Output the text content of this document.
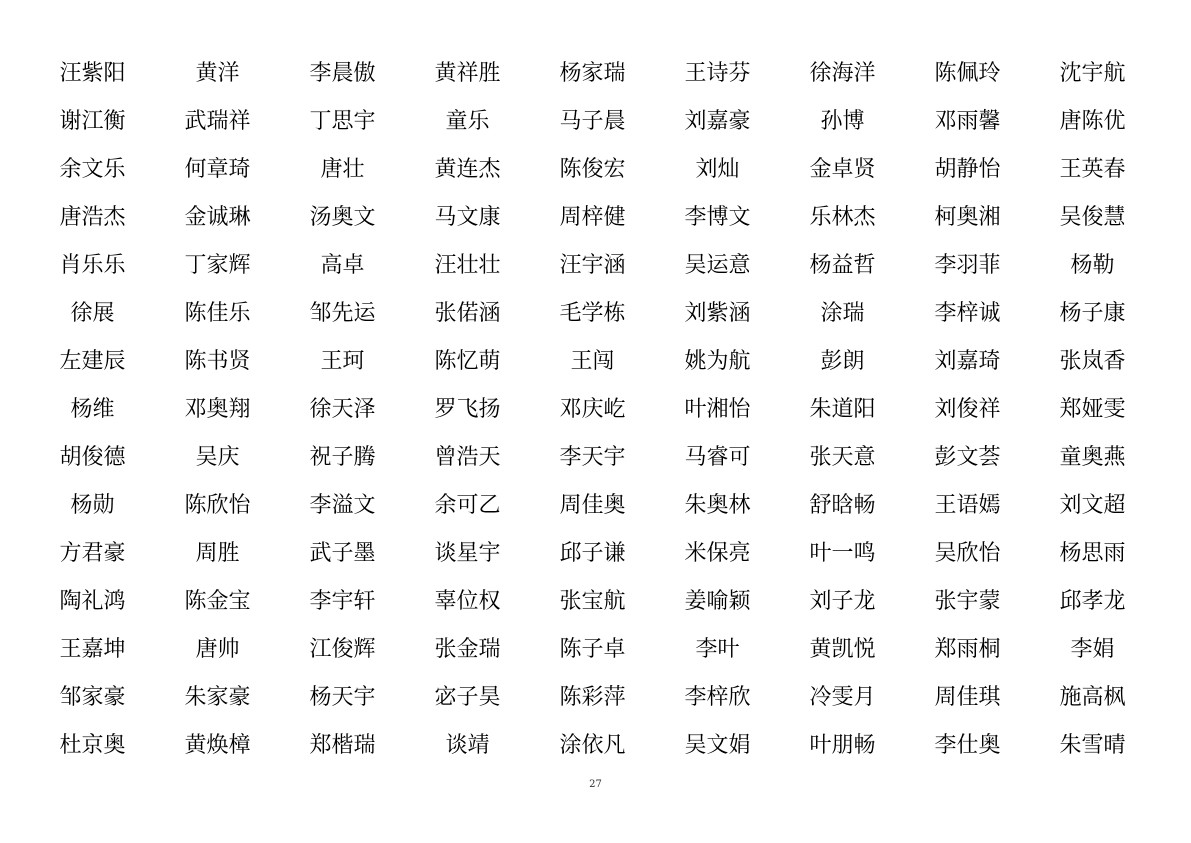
汪紫阳	黄洋	李晨傲	黄祥胜	杨家瑞	王诗芬	徐海洋	陈佩玲	沈宇航
谢江衡	武瑞祥	丁思宇	童乐	马子晨	刘嘉豪	孙博	邓雨馨	唐陈优
余文乐	何章琦	唐壮	黄连杰	陈俊宏	刘灿	金卓贤	胡静怡	王英春
唐浩杰	金诚琳	汤奥文	马文康	周梓健	李博文	乐林杰	柯奥湘	吴俊慧
肖乐乐	丁家辉	高卓	汪壮壮	汪宇涵	吴运意	杨益哲	李羽菲	杨勒
徐展	陈佳乐	邹先运	张偌涵	毛学栋	刘紫涵	涂瑞	李梓诚	杨子康
左建辰	陈书贤	王珂	陈忆萌	王闯	姚为航	彭朗	刘嘉琦	张岚香
杨维	邓奥翔	徐天泽	罗飞扬	邓庆屹	叶湘怡	朱道阳	刘俊祥	郑娅雯
胡俊德	吴庆	祝子腾	曾浩天	李天宇	马睿可	张天意	彭文荟	童奥燕
杨勋	陈欣怡	李溢文	余可乙	周佳奥	朱奥林	舒晗畅	王语嫣	刘文超
方君豪	周胜	武子墨	谈星宇	邱子谦	米保亮	叶一鸣	吴欣怡	杨思雨
陶礼鸿	陈金宝	李宇轩	辜位权	张宝航	姜喻颖	刘子龙	张宇蒙	邱孝龙
王嘉坤	唐帅	江俊辉	张金瑞	陈子卓	李叶	黄凯悦	郑雨桐	李娟
邹家豪	朱家豪	杨天宇	宓子昊	陈彩萍	李梓欣	冷雯月	周佳琪	施高枫
杜京奥	黄焕樟	郑楷瑞	谈靖	涂依凡	吴文娟	叶朋畅	李仕奥	朱雪晴
27
